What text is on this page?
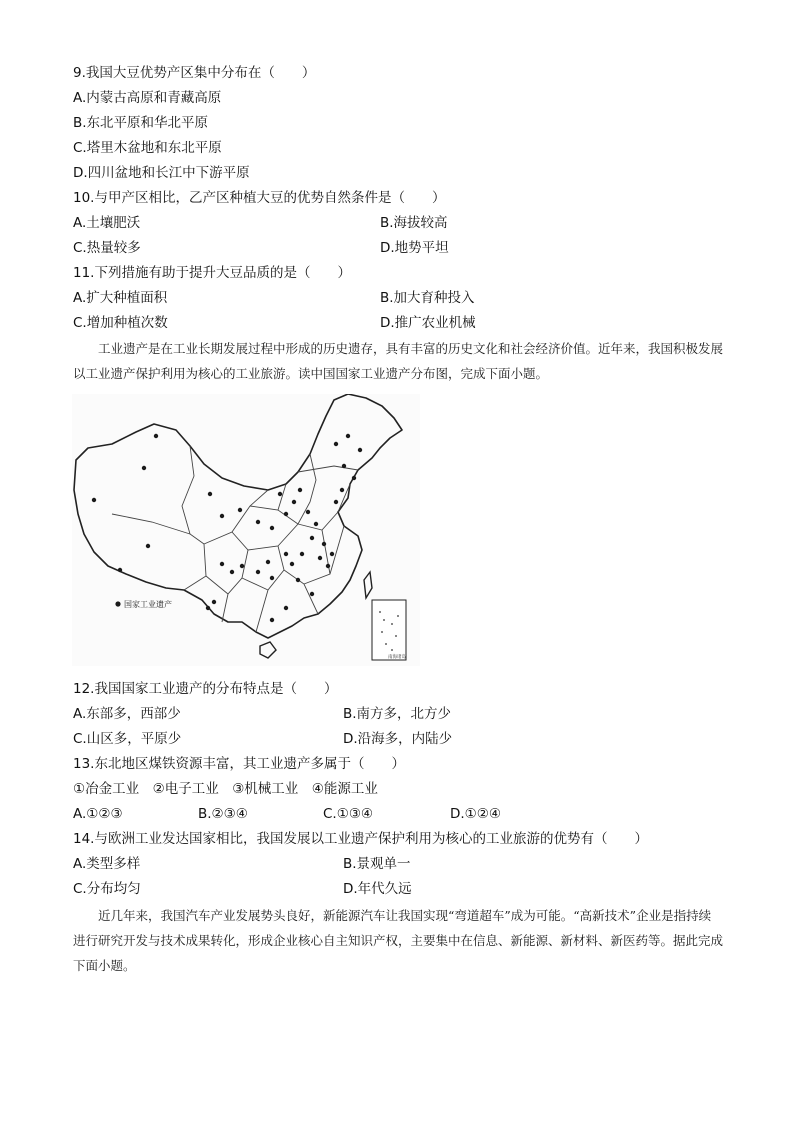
9.我国大豆优势产区集中分布在（　　）
A.内蒙古高原和青藏高原
B.东北平原和华北平原
C.塔里木盆地和东北平原
D.四川盆地和长江中下游平原
10.与甲产区相比，乙产区种植大豆的优势自然条件是（　　）
A.土壤肥沃	B.海拔较高
C.热量较多	D.地势平坦
11.下列措施有助于提升大豆品质的是（　　）
A.扩大种植面积	B.加大育种投入
C.增加种植次数	D.推广农业机械
工业遗产是在工业长期发展过程中形成的历史遗存，具有丰富的历史文化和社会经济价值。近年来，我国积极发展以工业遗产保护利用为核心的工业旅游。读中国国家工业遗产分布图，完成下面小题。
国家工业遗产
南海诸岛
12.我国国家工业遗产的分布特点是（　　）
A.东部多，西部少	B.南方多，北方少
C.山区多，平原少	D.沿海多，内陆少
13.东北地区煤铁资源丰富，其工业遗产多属于（　　）
①冶金工业　②电子工业　③机械工业　④能源工业
A.①②③	B.②③④	C.①③④	D.①②④
14.与欧洲工业发达国家相比，我国发展以工业遗产保护利用为核心的工业旅游的优势有（　　）
A.类型多样	B.景观单一
C.分布均匀	D.年代久远
近几年来，我国汽车产业发展势头良好，新能源汽车让我国实现“弯道超车”成为可能。“高新技术”企业是指持续进行研究开发与技术成果转化，形成企业核心自主知识产权，主要集中在信息、新能源、新材料、新医药等。据此完成下面小题。
